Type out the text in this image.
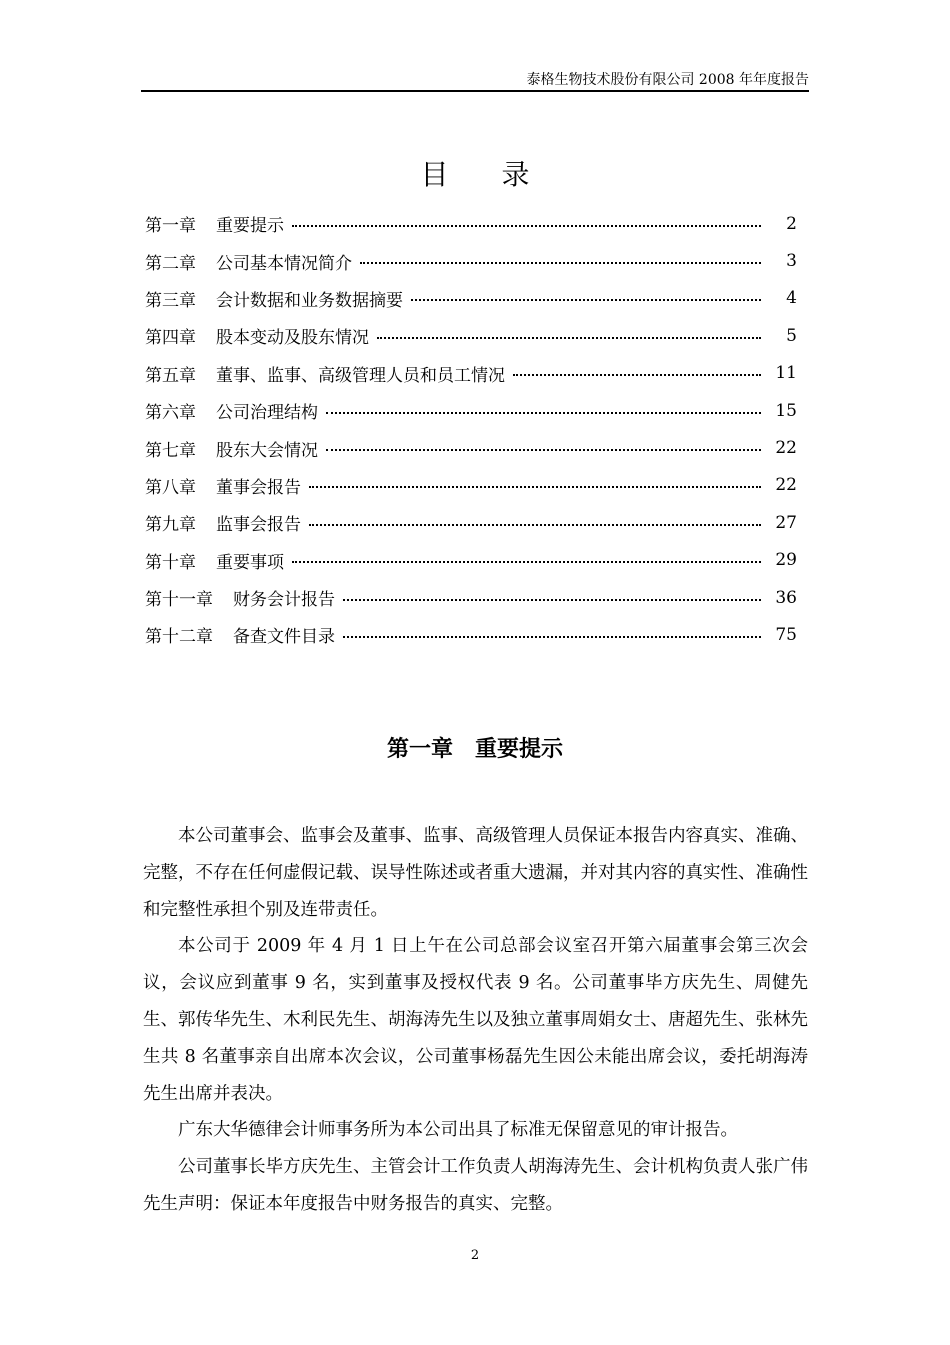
泰格生物技术股份有限公司 2008 年年度报告
目 录
第一章 重要提示	2
第二章 公司基本情况简介	3
第三章 会计数据和业务数据摘要	4
第四章 股本变动及股东情况	5
第五章 董事、监事、高级管理人员和员工情况	11
第六章 公司治理结构	15
第七章 股东大会情况	22
第八章 董事会报告	22
第九章 监事会报告	27
第十章 重要事项	29
第十一章 财务会计报告	36
第十二章 备查文件目录	75
第一章　重要提示

本公司董事会、监事会及董事、监事、高级管理人员保证本报告内容真实、准确、完整，不存在任何虚假记载、误导性陈述或者重大遗漏，并对其内容的真实性、准确性和完整性承担个别及连带责任。

本公司于 2009 年 4 月 1 日上午在公司总部会议室召开第六届董事会第三次会议，会议应到董事 9 名，实到董事及授权代表 9 名。公司董事毕方庆先生、周健先生、郭传华先生、木利民先生、胡海涛先生以及独立董事周娟女士、唐超先生、张林先生共 8 名董事亲自出席本次会议，公司董事杨磊先生因公未能出席会议，委托胡海涛先生出席并表决。

广东大华德律会计师事务所为本公司出具了标准无保留意见的审计报告。

公司董事长毕方庆先生、主管会计工作负责人胡海涛先生、会计机构负责人张广伟先生声明：保证本年度报告中财务报告的真实、完整。

2
